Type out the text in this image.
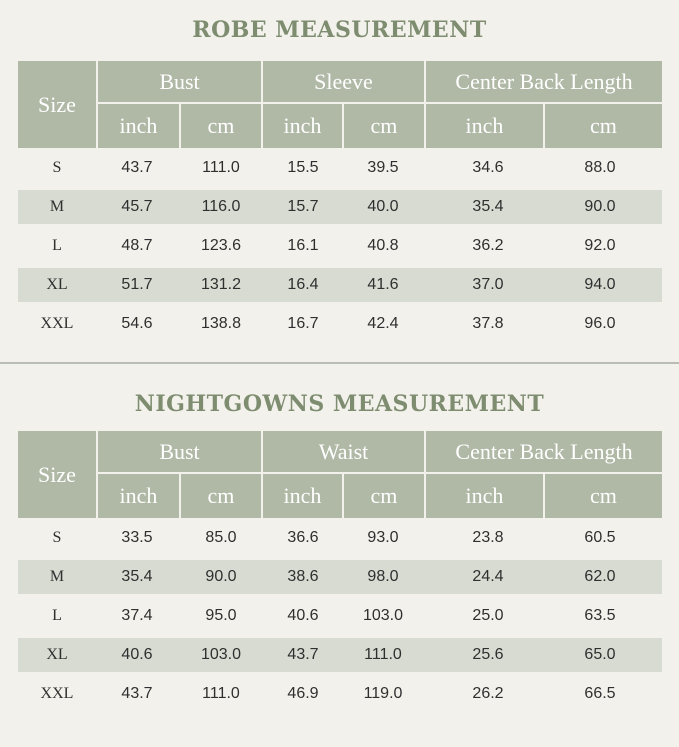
ROBE MEASUREMENT
Size
Bust	Sleeve	Center Back Length
inch	cm	inch	cm	inch	cm
S	43.7	111.0	15.5	39.5	34.6	88.0
M	45.7	116.0	15.7	40.0	35.4	90.0
L	48.7	123.6	16.1	40.8	36.2	92.0
XL	51.7	131.2	16.4	41.6	37.0	94.0
XXL	54.6	138.8	16.7	42.4	37.8	96.0
NIGHTGOWNS MEASUREMENT
Size
Bust	Waist	Center Back Length
inch	cm	inch	cm	inch	cm
S	33.5	85.0	36.6	93.0	23.8	60.5
M	35.4	90.0	38.6	98.0	24.4	62.0
L	37.4	95.0	40.6	103.0	25.0	63.5
XL	40.6	103.0	43.7	111.0	25.6	65.0
XXL	43.7	111.0	46.9	119.0	26.2	66.5
